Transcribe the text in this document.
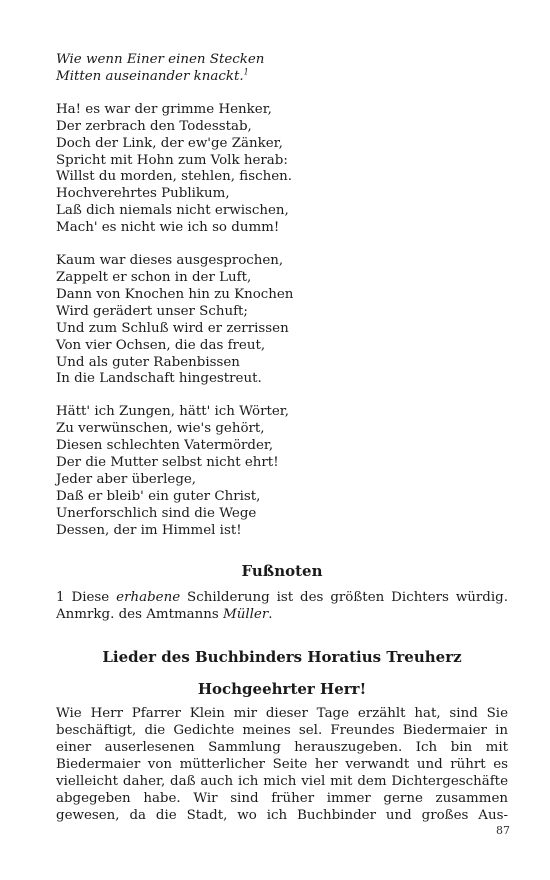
Wie wenn Einer einen Stecken
Mitten auseinander knackt.$^1$
Ha! es war der grimme Henker,
Der zerbrach den Todesstab,
Doch der Link, der ew'ge Zänker,
Spricht mit Hohn zum Volk herab:
Willst du morden, stehlen, fischen.
Hochverehrtes Publikum,
Laß dich niemals nicht erwischen,
Mach' es nicht wie ich so dumm!
Kaum war dieses ausgesprochen,
Zappelt er schon in der Luft,
Dann von Knochen hin zu Knochen
Wird gerädert unser Schuft;
Und zum Schluß wird er zerrissen
Von vier Ochsen, die das freut,
Und als guter Rabenbissen
In die Landschaft hingestreut.
Hätt' ich Zungen, hätt' ich Wörter,
Zu verwünschen, wie's gehört,
Diesen schlechten Vatermörder,
Der die Mutter selbst nicht ehrt!
Jeder aber überlege,
Daß er bleib' ein guter Christ,
Unerforschlich sind die Wege
Dessen, der im Himmel ist!
Fußnoten

1 Diese erhabene Schilderung ist des größten Dichters würdig. Anmrkg. des Amtmanns Müller.

Lieder des Buchbinders Horatius Treuherz
Hochgeehrter Herr!

Wie Herr Pfarrer Klein mir dieser Tage erzählt hat, sind Sie beschäftigt, die Gedichte meines sel. Freundes Biedermaier in einer auserlesenen Sammlung herauszugeben. Ich bin mit Biedermaier von mütterlicher Seite her verwandt und rührt es vielleicht daher, daß auch ich mich viel mit dem Dichtergeschäfte abgegeben habe. Wir sind früher immer gerne zusammen gewesen, da die Stadt, wo ich Buchbinder und großes Aus-

87
